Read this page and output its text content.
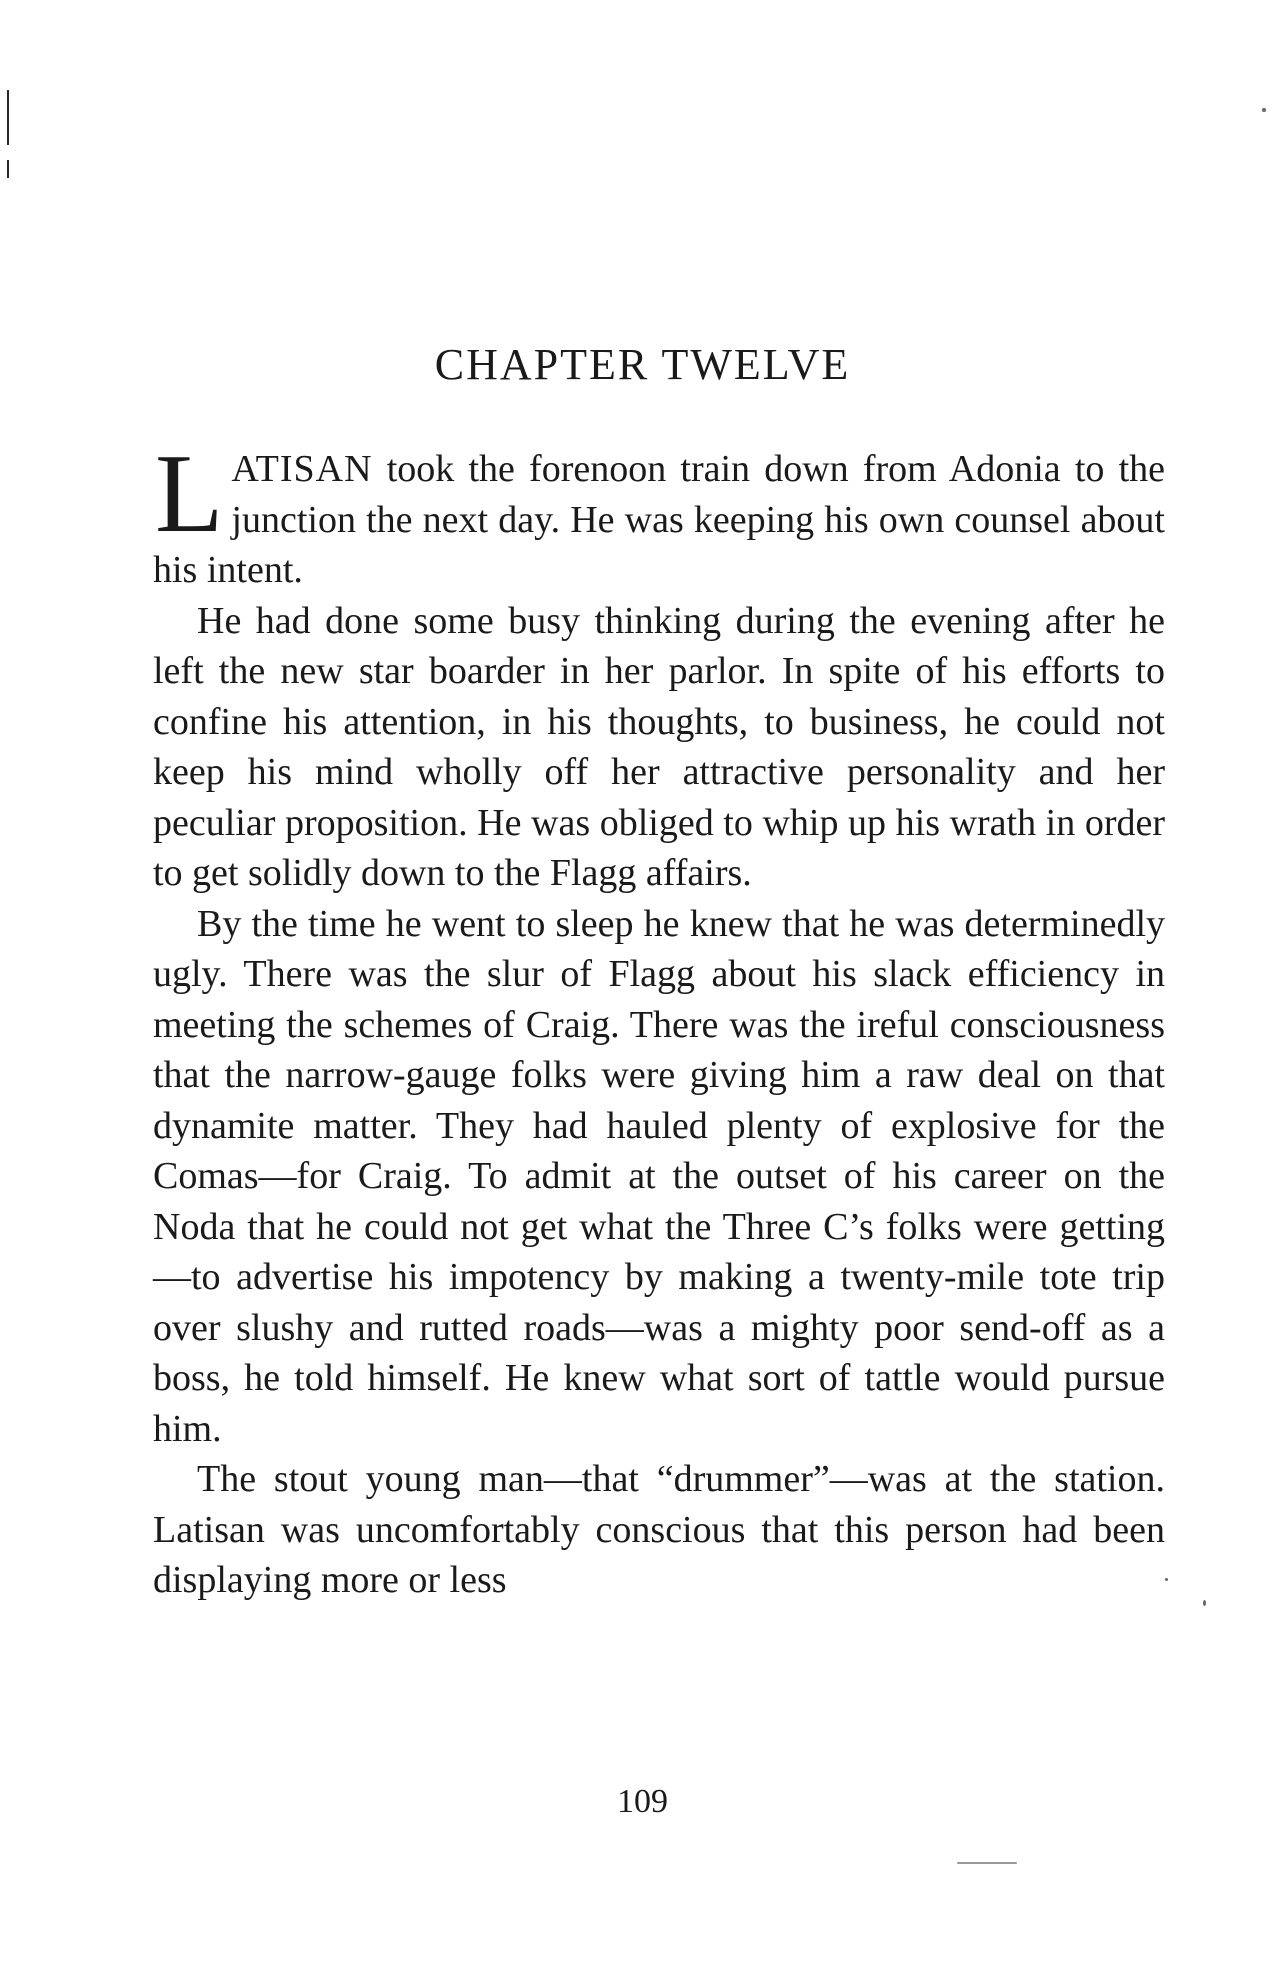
CHAPTER TWELVE

LATISAN took the forenoon train down from Adonia to the junction the next day. He was keeping his own counsel about his intent.

He had done some busy thinking during the evening after he left the new star boarder in her parlor. In spite of his efforts to confine his attention, in his thoughts, to business, he could not keep his mind wholly off her attractive personality and her peculiar proposition. He was obliged to whip up his wrath in order to get solidly down to the Flagg affairs.

By the time he went to sleep he knew that he was determinedly ugly. There was the slur of Flagg about his slack efficiency in meeting the schemes of Craig. There was the ireful consciousness that the narrow-gauge folks were giving him a raw deal on that dynamite matter. They had hauled plenty of explosive for the Comas—for Craig. To admit at the outset of his career on the Noda that he could not get what the Three C’s folks were getting—to advertise his impotency by making a twenty-mile tote trip over slushy and rutted roads—was a mighty poor send-off as a boss, he told himself. He knew what sort of tattle would pursue him.

The stout young man—that “drummer”—was at the station. Latisan was uncomfortably conscious that this person had been displaying more or less

109
